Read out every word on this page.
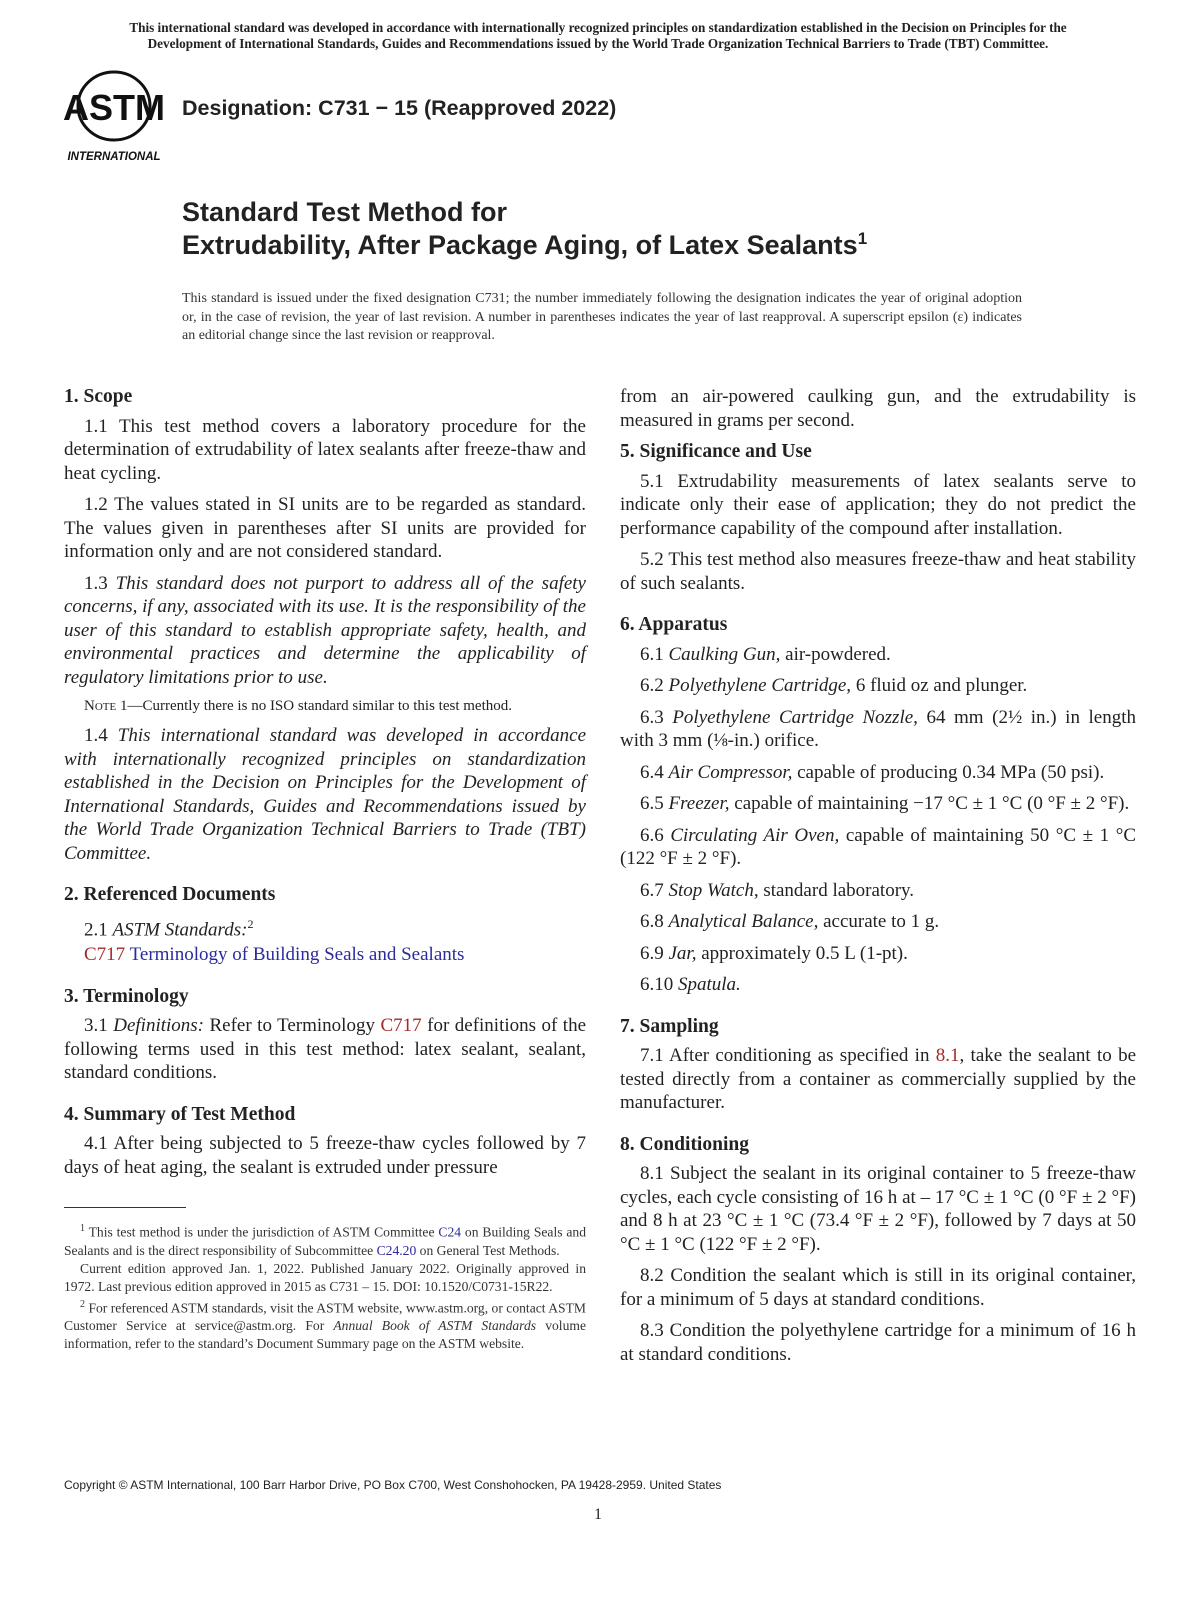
This international standard was developed in accordance with internationally recognized principles on standardization established in the Decision on Principles for the
Development of International Standards, Guides and Recommendations issued by the World Trade Organization Technical Barriers to Trade (TBT) Committee.
ASTM
INTERNATIONAL
Designation: C731 − 15 (Reapproved 2022)
Standard Test Method for
Extrudability, After Package Aging, of Latex Sealants$^1$
This standard is issued under the fixed designation C731; the number immediately following the designation indicates the year of original adoption or, in the case of revision, the year of last revision. A number in parentheses indicates the year of last reapproval. A superscript epsilon (ε) indicates an editorial change since the last revision or reapproval.
1. Scope

1.1 This test method covers a laboratory procedure for the determination of extrudability of latex sealants after freeze-thaw and heat cycling.

1.2 The values stated in SI units are to be regarded as standard. The values given in parentheses after SI units are provided for information only and are not considered standard.

1.3 This standard does not purport to address all of the safety concerns, if any, associated with its use. It is the responsibility of the user of this standard to establish appropriate safety, health, and environmental practices and determine the applicability of regulatory limitations prior to use.

Note 1—Currently there is no ISO standard similar to this test method.

1.4 This international standard was developed in accordance with internationally recognized principles on standardization established in the Decision on Principles for the Development of International Standards, Guides and Recommendations issued by the World Trade Organization Technical Barriers to Trade (TBT) Committee.

2. Referenced Documents

2.1 ASTM Standards:$^2$

C717 Terminology of Building Seals and Sealants

3. Terminology

3.1 Definitions: Refer to Terminology C717 for definitions of the following terms used in this test method: latex sealant, sealant, standard conditions.

4. Summary of Test Method

4.1 After being subjected to 5 freeze-thaw cycles followed by 7 days of heat aging, the sealant is extruded under pressure

$^1$ This test method is under the jurisdiction of ASTM Committee C24 on Building Seals and Sealants and is the direct responsibility of Subcommittee C24.20 on General Test Methods.

Current edition approved Jan. 1, 2022. Published January 2022. Originally approved in 1972. Last previous edition approved in 2015 as C731 – 15. DOI: 10.1520/C0731-15R22.

$^2$ For referenced ASTM standards, visit the ASTM website, www.astm.org, or contact ASTM Customer Service at service@astm.org. For Annual Book of ASTM Standards volume information, refer to the standard’s Document Summary page on the ASTM website.

from an air-powered caulking gun, and the extrudability is measured in grams per second.

5. Significance and Use

5.1 Extrudability measurements of latex sealants serve to indicate only their ease of application; they do not predict the performance capability of the compound after installation.

5.2 This test method also measures freeze-thaw and heat stability of such sealants.

6. Apparatus

6.1 Caulking Gun, air-powdered.

6.2 Polyethylene Cartridge, 6 fluid oz and plunger.

6.3 Polyethylene Cartridge Nozzle, 64 mm (2½ in.) in length with 3 mm (⅛-in.) orifice.

6.4 Air Compressor, capable of producing 0.34 MPa (50 psi).

6.5 Freezer, capable of maintaining −17 °C ± 1 °C (0 °F ± 2 °F).

6.6 Circulating Air Oven, capable of maintaining 50 °C ± 1 °C (122 °F ± 2 °F).

6.7 Stop Watch, standard laboratory.

6.8 Analytical Balance, accurate to 1 g.

6.9 Jar, approximately 0.5 L (1-pt).

6.10 Spatula.

7. Sampling

7.1 After conditioning as specified in 8.1, take the sealant to be tested directly from a container as commercially supplied by the manufacturer.

8. Conditioning

8.1 Subject the sealant in its original container to 5 freeze-thaw cycles, each cycle consisting of 16 h at – 17 °C ± 1 °C (0 °F ± 2 °F) and 8 h at 23 °C ± 1 °C (73.4 °F ± 2 °F), followed by 7 days at 50 °C ± 1 °C (122 °F ± 2 °F).

8.2 Condition the sealant which is still in its original container, for a minimum of 5 days at standard conditions.

8.3 Condition the polyethylene cartridge for a minimum of 16 h at standard conditions.

Copyright © ASTM International, 100 Barr Harbor Drive, PO Box C700, West Conshohocken, PA 19428-2959. United States
1
